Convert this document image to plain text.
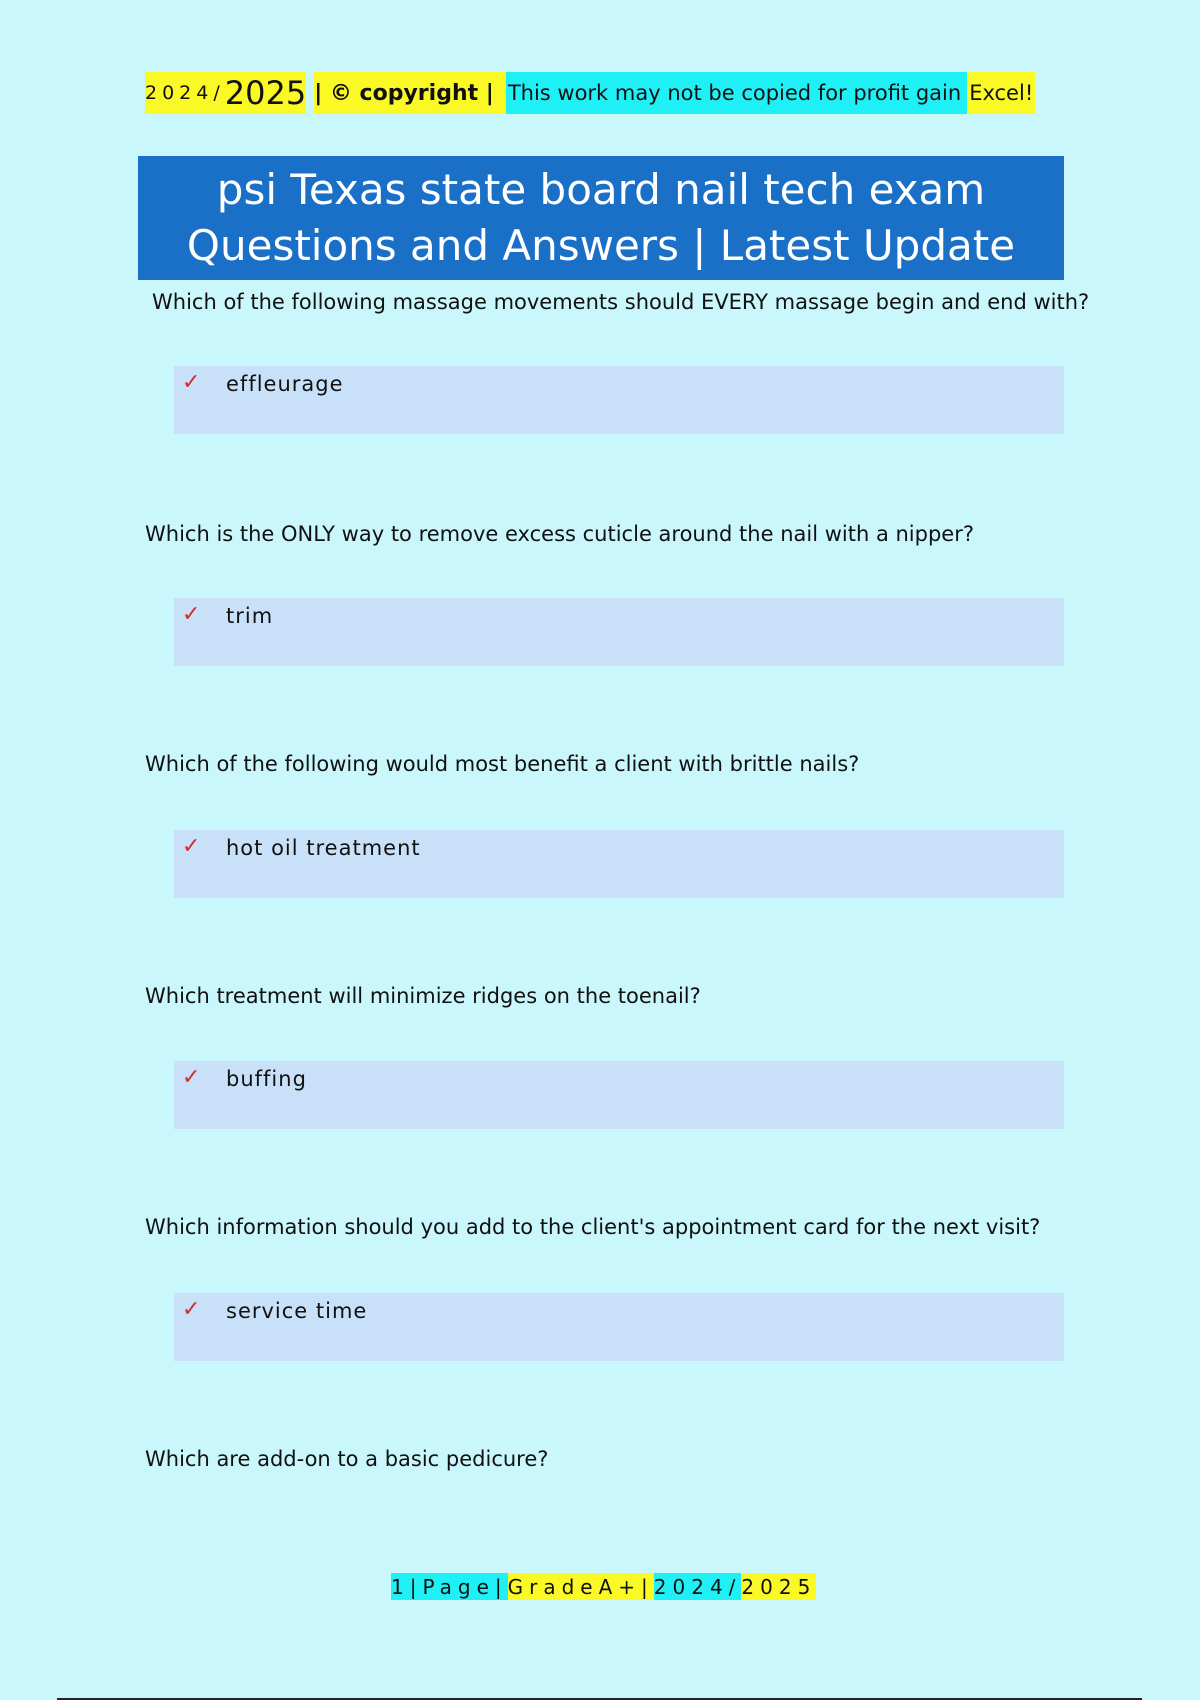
2024/ 2025 | © copyright | This work may not be copied for profit gain Excel!
psi Texas state board nail tech exam
Questions and Answers | Latest Update
Which of the following massage movements should EVERY massage begin and end with?
✓ effleurage
Which is the ONLY way to remove excess cuticle around the nail with a nipper?
✓ trim
Which of the following would most benefit a client with brittle nails?
✓ hot oil treatment
Which treatment will minimize ridges on the toenail?
✓ buffing
Which information should you add to the client's appointment card for the next visit?
✓ service time
Which are add-on to a basic pedicure?
1|Page| GradeA+| 2024/ 2025
